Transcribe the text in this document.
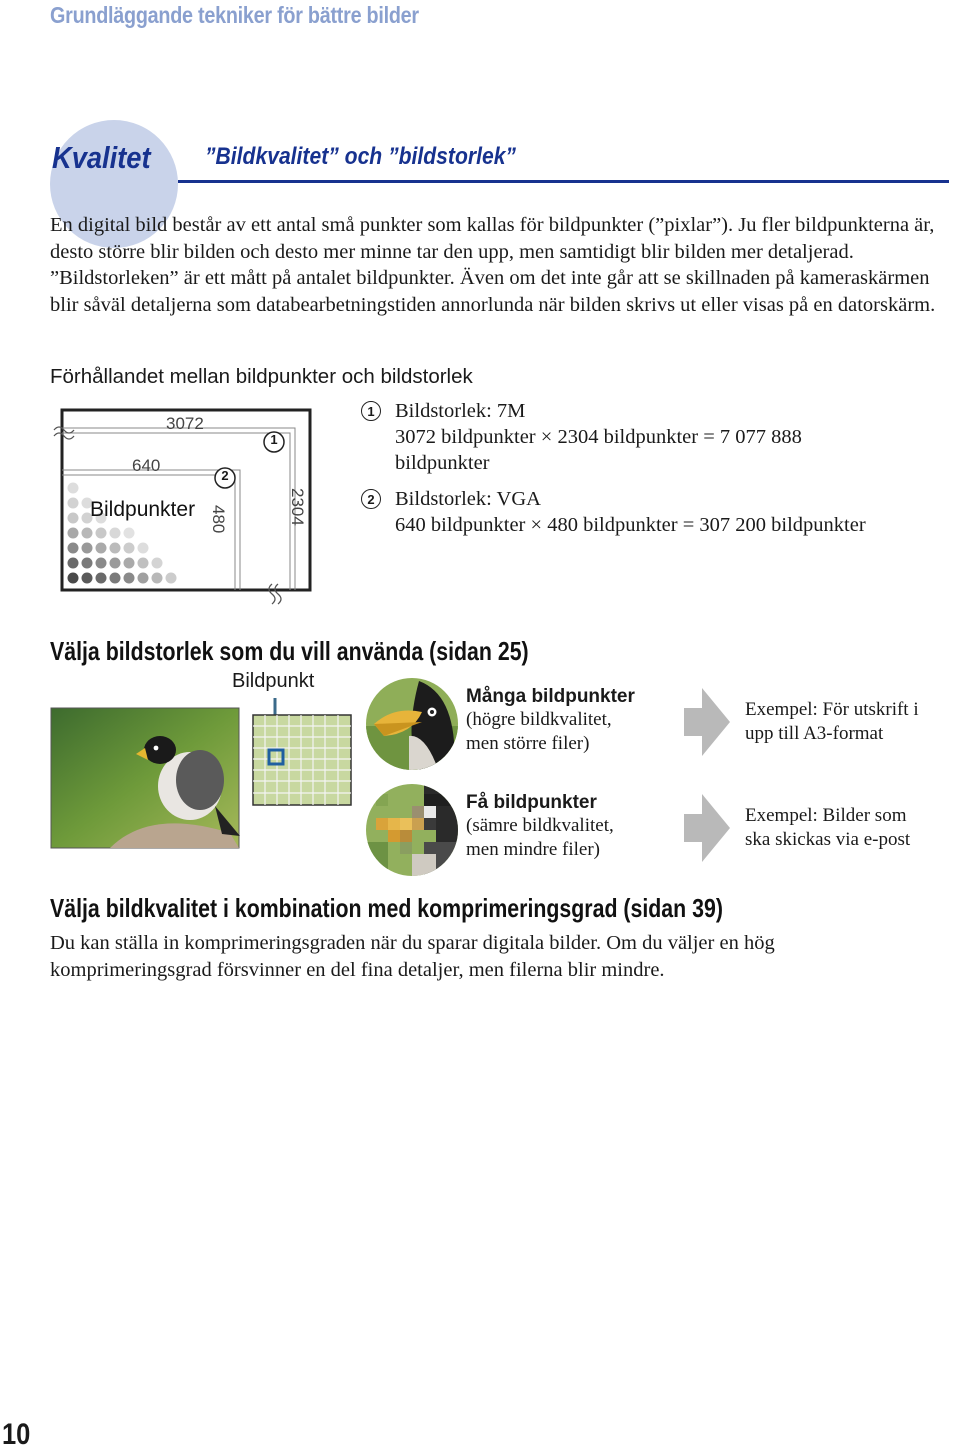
Grundläggande tekniker för bättre bilder
Kvalitet ”Bildkvalitet” och ”bildstorlek”
En digital bild består av ett antal små punkter som kallas för bildpunkter (”pixlar”). Ju fler bildpunkterna är, desto större blir bilden och desto mer minne tar den upp, men samtidigt blir bilden mer detaljerad. ”Bildstorleken” är ett mått på antalet bildpunkter. Även om det inte går att se skillnaden på kameraskärmen blir såväl detaljerna som databearbetningstiden annorlunda när bilden skrivs ut eller visas på en datorskärm.
Förhållandet mellan bildpunkter och bildstorlek
3072
640
1
2
Bildpunkter 480	2304
1 Bildstorlek: 7M
3072 bildpunkter × 2304 bildpunkter = 7 077 888 bildpunkter
2 Bildstorlek: VGA
640 bildpunkter × 480 bildpunkter = 307 200 bildpunkter
Välja bildstorlek som du vill använda (sidan 25)
Bildpunkt
Många bildpunkter
(högre bildkvalitet,
men större filer)
Få bildpunkter
(sämre bildkvalitet,
men mindre filer)
Exempel: För utskrift i
upp till A3-format
Exempel: Bilder som
ska skickas via e-post
Välja bildkvalitet i kombination med komprimeringsgrad (sidan 39)
Du kan ställa in komprimeringsgraden när du sparar digitala bilder. Om du väljer en hög komprimeringsgrad försvinner en del fina detaljer, men filerna blir mindre.
10
